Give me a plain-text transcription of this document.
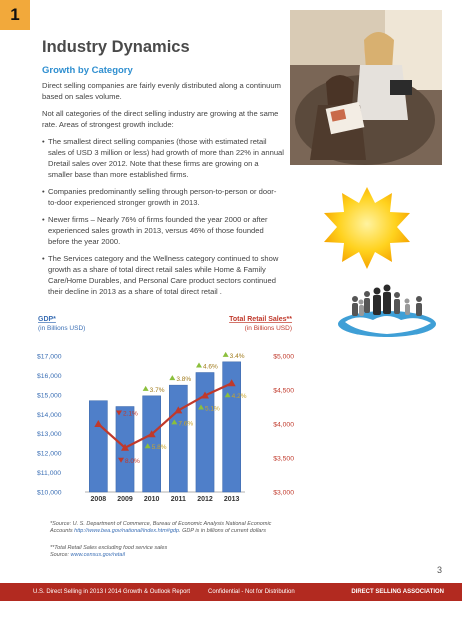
1
Industry Dynamics
Growth by Category

Direct selling companies are fairly evenly distributed along a continuum based on sales volume.

Not all categories of the direct selling industry are growing at the same rate. Areas of strongest growth include:

• The smallest direct selling companies (those with estimated retail sales of USD 3 million or less) had growth of more than 22% in annual Dretail sales over 2012. Note that these firms are growing on a smaller base than more established firms.
• Companies predominantly selling through person-to-person or door-to-door experienced stronger growth in 2013.
• Newer firms – Nearly 76% of firms founded the year 2000 or after experienced sales growth in 2013, versus 46% of those founded before the year 2000.
• The Services category and the Wellness category continued to show growth as a share of total direct retail sales while Home & Family Care/Home Durables, and Personal Care product sectors continued their decline in 2013 as a share of total direct retail .
GDP*
(in Billions USD)
Total Retail Sales**
(in Billions USD)
$10,000
$11,000
$12,000
$13,000
$14,000
$15,000
$16,000
$17,000
$3,000
$3,500
$4,000
$4,500
$5,000
2008 2009 2010 2011 2012 2013
2.1%
3.7%
3.8%
4.6%
3.4%
8.0%
5.8%
7.6%
5.1%
4.2%
*Source: U. S. Department of Commerce, Bureau of Economic Analysis National Economic Accounts http://www.bea.gov/national/index.htm#gdp. GDP is in billions of current dollars
**Total Retail Sales excluding food service sales
Source: www.census.gov/retail
3
U.S. Direct Selling in 2013 I 2014 Growth & Outlook Report	Confidential - Not for Distribution	DIRECT SELLING ASSOCIATION
